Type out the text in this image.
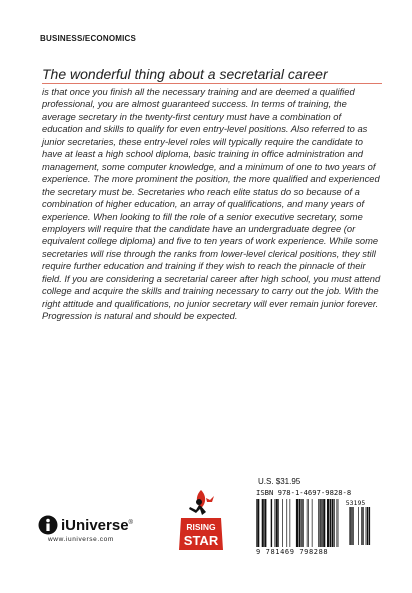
BUSINESS/ECONOMICS
The wonderful thing about a secretarial career

is that once you finish all the necessary training and are deemed a qualified professional, you are almost guaranteed success. In terms of training, the average secretary in the twenty-first century must have a combination of education and skills to qualify for even entry-level positions. Also referred to as junior secretaries, these entry-level roles will typically require the candidate to have at least a high school diploma, basic training in office administration and management, some computer knowledge, and a minimum of one to two years of experience. The more prominent the position, the more qualified and experienced the secretary must be. Secretaries who reach elite status do so because of a combination of higher education, an array of qualifications, and many years of experience. When looking to fill the role of a senior executive secretary, some employers will require that the candidate have an undergraduate degree (or equivalent college diploma) and five to ten years of work experience. While some secretaries will rise through the ranks from lower-level clerical positions, they still require further education and training if they wish to reach the pinnacle of their field. If you are considering a secretarial career after high school, you must attend college and acquire the skills and training necessary to carry out the job. With the right attitude and qualifications, no junior secretary will ever remain junior forever. Progression is natural and should be expected.

iUniverse®
www.iuniverse.com
RISING
STAR
U.S. $31.95
ISBN 978-1-4697-9828-8
53195
9 781469 798288
